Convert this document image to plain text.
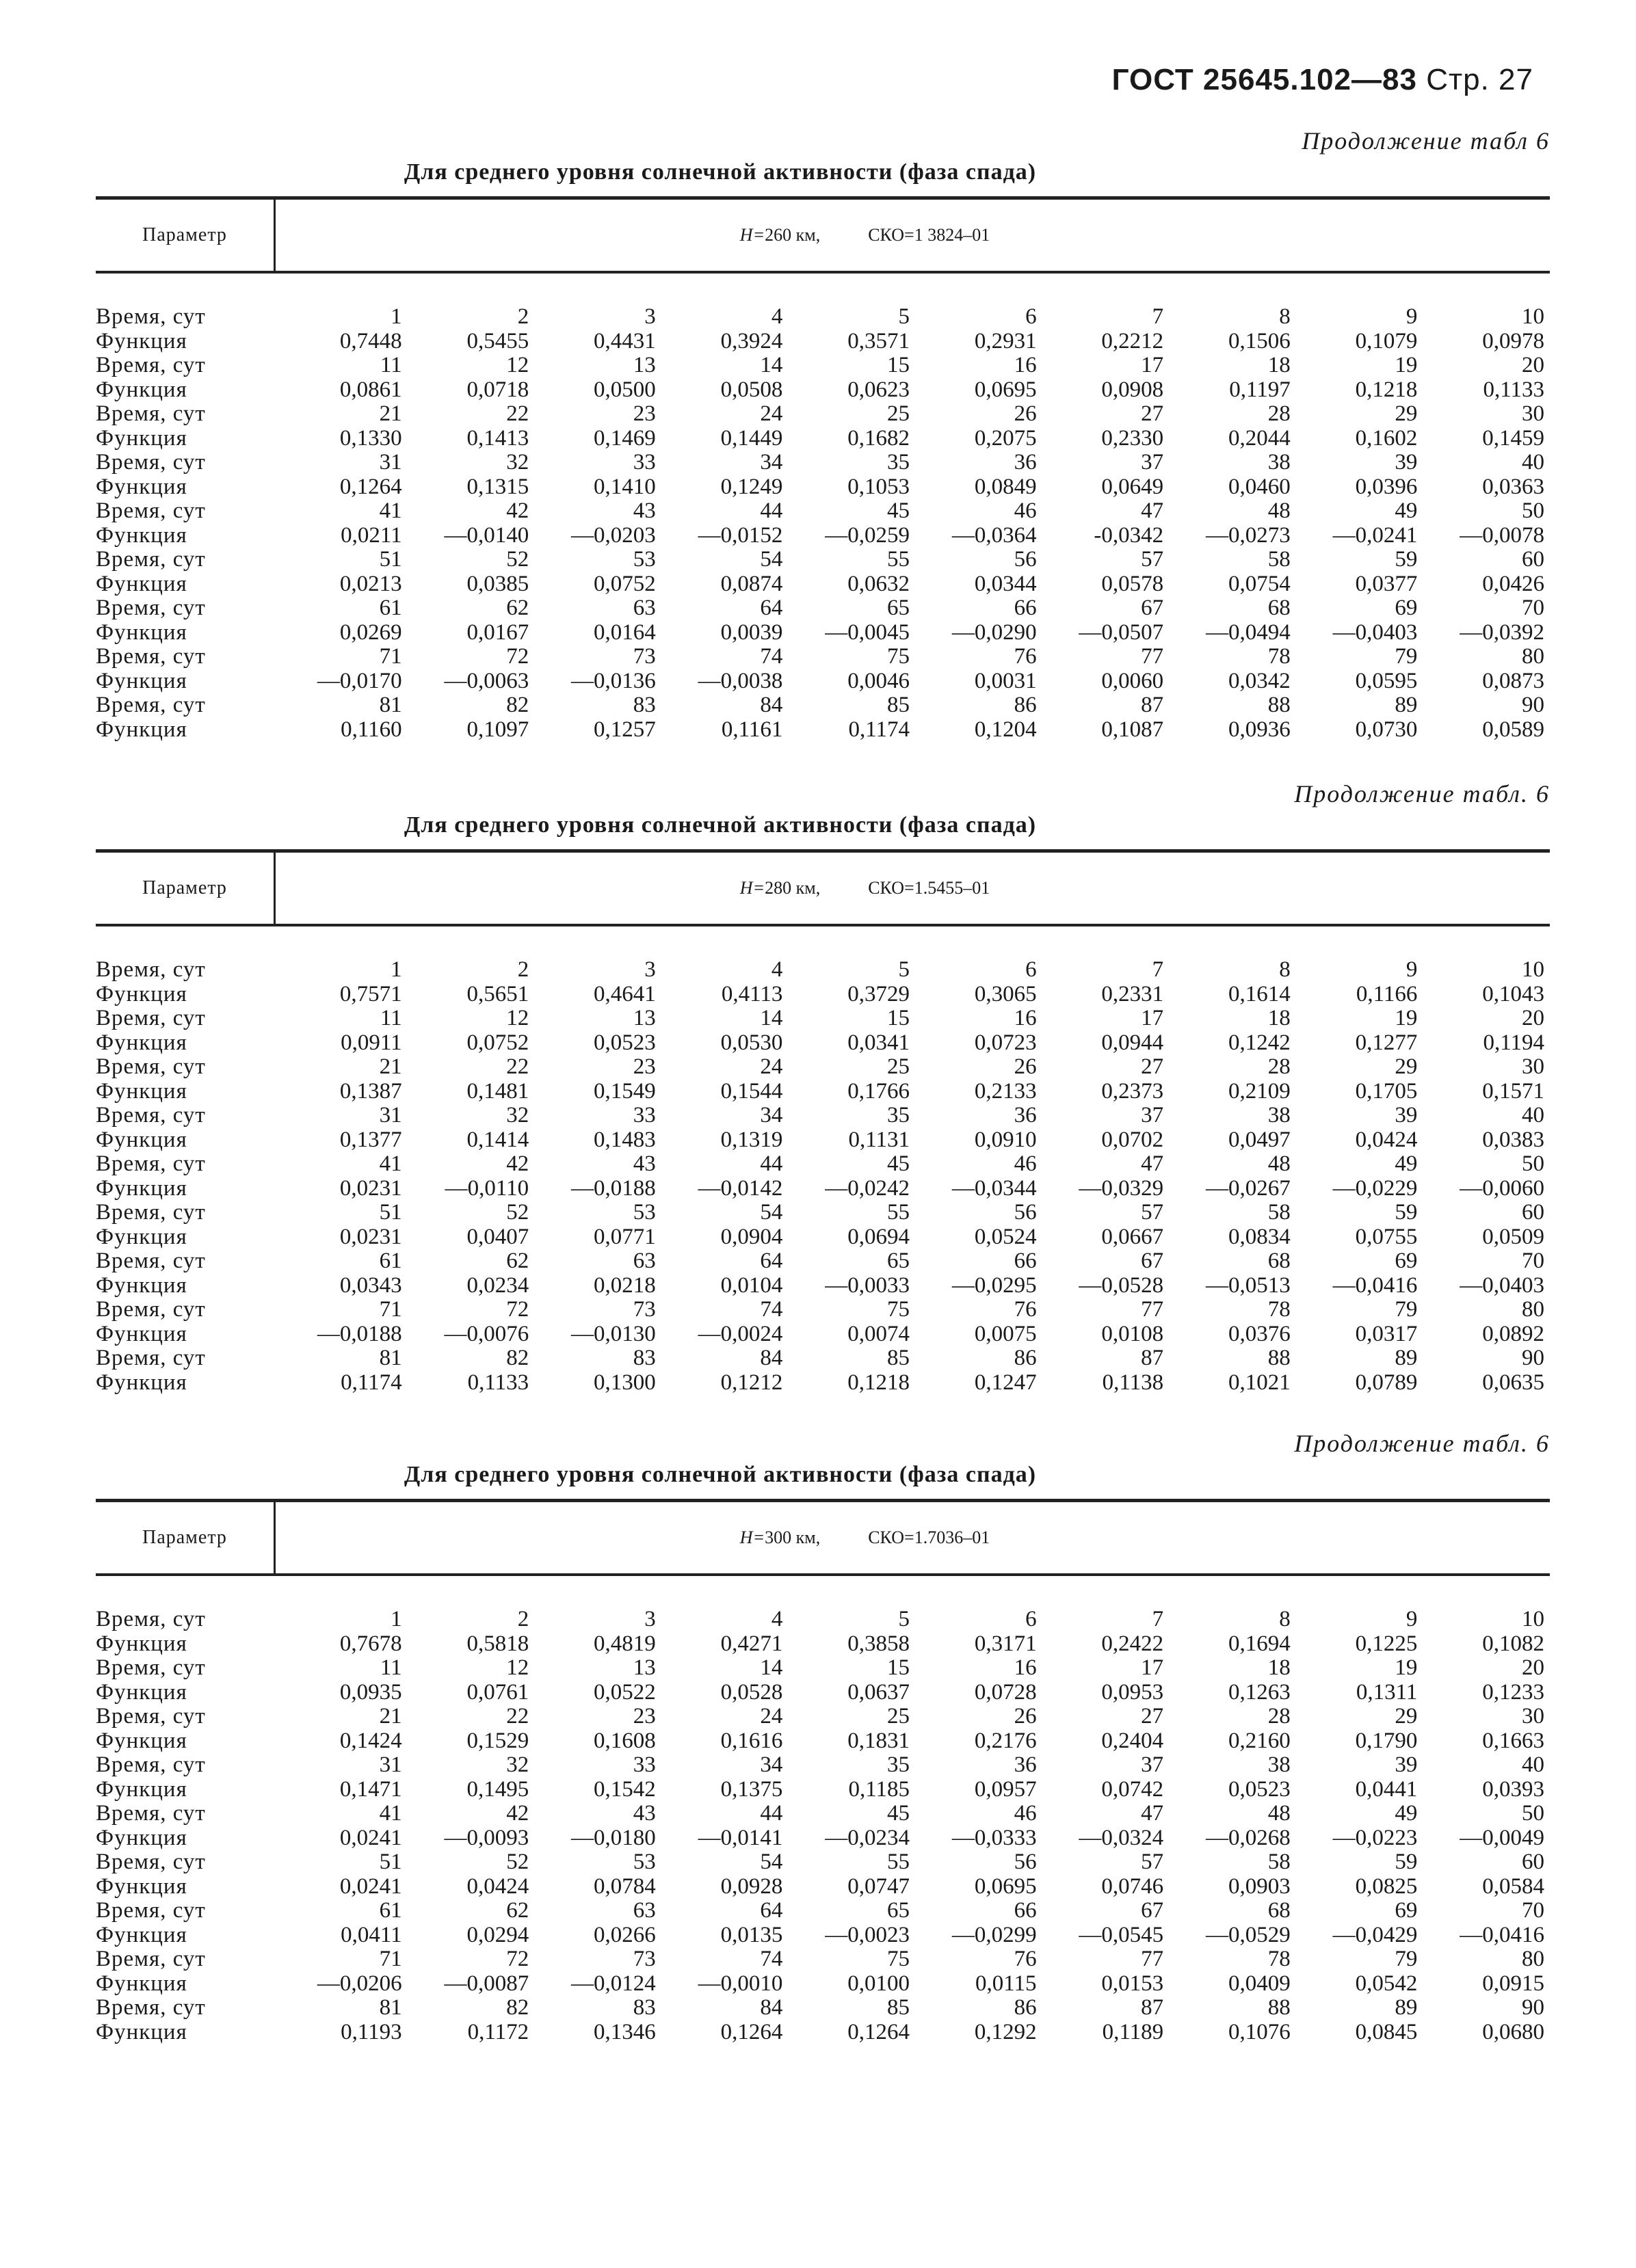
ГОСТ 25645.102—83 Стр. 27
Продолжение табл 6
Для среднего уровня солнечной активности (фаза спада)
Параметр	H= 260 км,	СКО= 1 3824–01
Время, сут	1	2	3	4	5	6	7	8	9	10
Функция	0,7448	0,5455	0,4431	0,3924	0,3571	0,2931	0,2212	0,1506	0,1079	0,0978
Время, сут	11	12	13	14	15	16	17	18	19	20
Функция	0,0861	0,0718	0,0500	0,0508	0,0623	0,0695	0,0908	0,1197	0,1218	0,1133
Время, сут	21	22	23	24	25	26	27	28	29	30
Функция	0,1330	0,1413	0,1469	0,1449	0,1682	0,2075	0,2330	0,2044	0,1602	0,1459
Время, сут	31	32	33	34	35	36	37	38	39	40
Функция	0,1264	0,1315	0,1410	0,1249	0,1053	0,0849	0,0649	0,0460	0,0396	0,0363
Время, сут	41	42	43	44	45	46	47	48	49	50
Функция	0,0211	—0,0140	—0,0203	—0,0152	—0,0259	—0,0364	-0,0342	—0,0273	—0,0241	—0,0078
Время, сут	51	52	53	54	55	56	57	58	59	60
Функция	0,0213	0,0385	0,0752	0,0874	0,0632	0,0344	0,0578	0,0754	0,0377	0,0426
Время, сут	61	62	63	64	65	66	67	68	69	70
Функция	0,0269	0,0167	0,0164	0,0039	—0,0045	—0,0290	—0,0507	—0,0494	—0,0403	—0,0392
Время, сут	71	72	73	74	75	76	77	78	79	80
Функция	—0,0170	—0,0063	—0,0136	—0,0038	0,0046	0,0031	0,0060	0,0342	0,0595	0,0873
Время, сут	81	82	83	84	85	86	87	88	89	90
Функция	0,1160	0,1097	0,1257	0,1161	0,1174	0,1204	0,1087	0,0936	0,0730	0,0589
Продолжение табл. 6
Для среднего уровня солнечной активности (фаза спада)
Параметр	H= 280 км,	СКО= 1.5455–01
Время, сут	1	2	3	4	5	6	7	8	9	10
Функция	0,7571	0,5651	0,4641	0,4113	0,3729	0,3065	0,2331	0,1614	0,1166	0,1043
Время, сут	11	12	13	14	15	16	17	18	19	20
Функция	0,0911	0,0752	0,0523	0,0530	0,0341	0,0723	0,0944	0,1242	0,1277	0,1194
Время, сут	21	22	23	24	25	26	27	28	29	30
Функция	0,1387	0,1481	0,1549	0,1544	0,1766	0,2133	0,2373	0,2109	0,1705	0,1571
Время, сут	31	32	33	34	35	36	37	38	39	40
Функция	0,1377	0,1414	0,1483	0,1319	0,1131	0,0910	0,0702	0,0497	0,0424	0,0383
Время, сут	41	42	43	44	45	46	47	48	49	50
Функция	0,0231	—0,0110	—0,0188	—0,0142	—0,0242	—0,0344	—0,0329	—0,0267	—0,0229	—0,0060
Время, сут	51	52	53	54	55	56	57	58	59	60
Функция	0,0231	0,0407	0,0771	0,0904	0,0694	0,0524	0,0667	0,0834	0,0755	0,0509
Время, сут	61	62	63	64	65	66	67	68	69	70
Функция	0,0343	0,0234	0,0218	0,0104	—0,0033	—0,0295	—0,0528	—0,0513	—0,0416	—0,0403
Время, сут	71	72	73	74	75	76	77	78	79	80
Функция	—0,0188	—0,0076	—0,0130	—0,0024	0,0074	0,0075	0,0108	0,0376	0,0317	0,0892
Время, сут	81	82	83	84	85	86	87	88	89	90
Функция	0,1174	0,1133	0,1300	0,1212	0,1218	0,1247	0,1138	0,1021	0,0789	0,0635
Продолжение табл. 6
Для среднего уровня солнечной активности (фаза спада)
Параметр	H= 300 км,	СКО= 1.7036–01
Время, сут	1	2	3	4	5	6	7	8	9	10
Функция	0,7678	0,5818	0,4819	0,4271	0,3858	0,3171	0,2422	0,1694	0,1225	0,1082
Время, сут	11	12	13	14	15	16	17	18	19	20
Функция	0,0935	0,0761	0,0522	0,0528	0,0637	0,0728	0,0953	0,1263	0,1311	0,1233
Время, сут	21	22	23	24	25	26	27	28	29	30
Функция	0,1424	0,1529	0,1608	0,1616	0,1831	0,2176	0,2404	0,2160	0,1790	0,1663
Время, сут	31	32	33	34	35	36	37	38	39	40
Функция	0,1471	0,1495	0,1542	0,1375	0,1185	0,0957	0,0742	0,0523	0,0441	0,0393
Время, сут	41	42	43	44	45	46	47	48	49	50
Функция	0,0241	—0,0093	—0,0180	—0,0141	—0,0234	—0,0333	—0,0324	—0,0268	—0,0223	—0,0049
Время, сут	51	52	53	54	55	56	57	58	59	60
Функция	0,0241	0,0424	0,0784	0,0928	0,0747	0,0695	0,0746	0,0903	0,0825	0,0584
Время, сут	61	62	63	64	65	66	67	68	69	70
Функция	0,0411	0,0294	0,0266	0,0135	—0,0023	—0,0299	—0,0545	—0,0529	—0,0429	—0,0416
Время, сут	71	72	73	74	75	76	77	78	79	80
Функция	—0,0206	—0,0087	—0,0124	—0,0010	0,0100	0,0115	0,0153	0,0409	0,0542	0,0915
Время, сут	81	82	83	84	85	86	87	88	89	90
Функция	0,1193	0,1172	0,1346	0,1264	0,1264	0,1292	0,1189	0,1076	0,0845	0,0680
